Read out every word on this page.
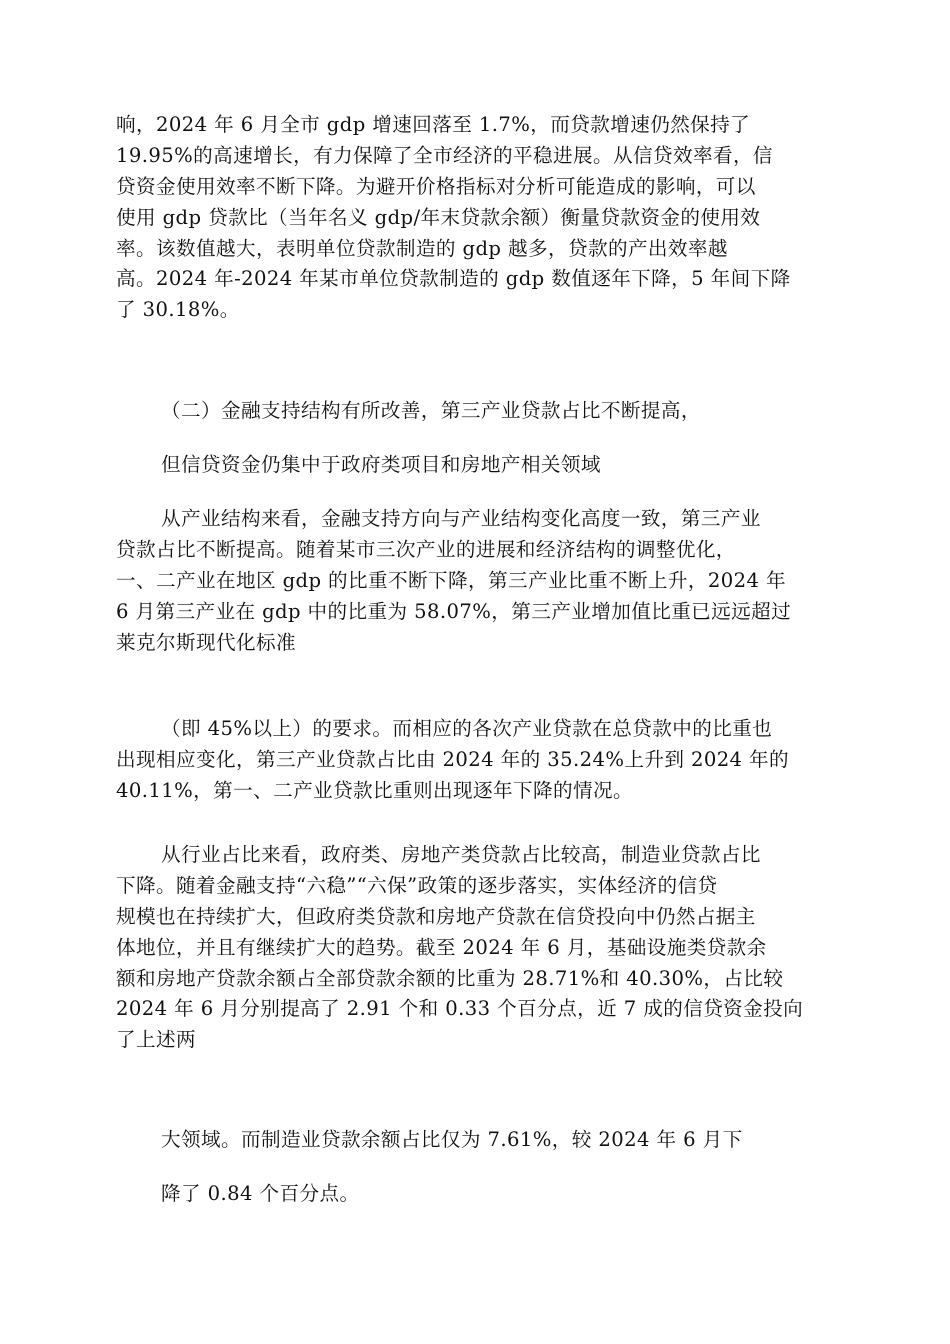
响，2024 年 6 月全市 gdp 增速回落至 1.7%，而贷款增速仍然保持了
19.95%的高速增长，有力保障了全市经济的平稳进展。从信贷效率看，信
贷资金使用效率不断下降。为避开价格指标对分析可能造成的影响，可以
使用 gdp 贷款比（当年名义 gdp/年末贷款余额）衡量贷款资金的使用效
率。该数值越大，表明单位贷款制造的 gdp 越多，贷款的产出效率越
高。2024 年-2024 年某市单位贷款制造的 gdp 数值逐年下降，5 年间下降
了 30.18%。
（二）金融支持结构有所改善，第三产业贷款占比不断提高，
但信贷资金仍集中于政府类项目和房地产相关领域
从产业结构来看，金融支持方向与产业结构变化高度一致，第三产业
贷款占比不断提高。随着某市三次产业的进展和经济结构的调整优化，
一、二产业在地区 gdp 的比重不断下降，第三产业比重不断上升，2024 年
6 月第三产业在 gdp 中的比重为 58.07%，第三产业增加值比重已远远超过
莱克尔斯现代化标准
（即 45%以上）的要求。而相应的各次产业贷款在总贷款中的比重也
出现相应变化，第三产业贷款占比由 2024 年的 35.24%上升到 2024 年的
40.11%，第一、二产业贷款比重则出现逐年下降的情况。
从行业占比来看，政府类、房地产类贷款占比较高，制造业贷款占比
下降。随着金融支持“六稳”“六保”政策的逐步落实，实体经济的信贷
规模也在持续扩大，但政府类贷款和房地产贷款在信贷投向中仍然占据主
体地位，并且有继续扩大的趋势。截至 2024 年 6 月，基础设施类贷款余
额和房地产贷款余额占全部贷款余额的比重为 28.71%和 40.30%，占比较
2024 年 6 月分别提高了 2.91 个和 0.33 个百分点，近 7 成的信贷资金投向
了上述两
大领域。而制造业贷款余额占比仅为 7.61%，较 2024 年 6 月下
降了 0.84 个百分点。
